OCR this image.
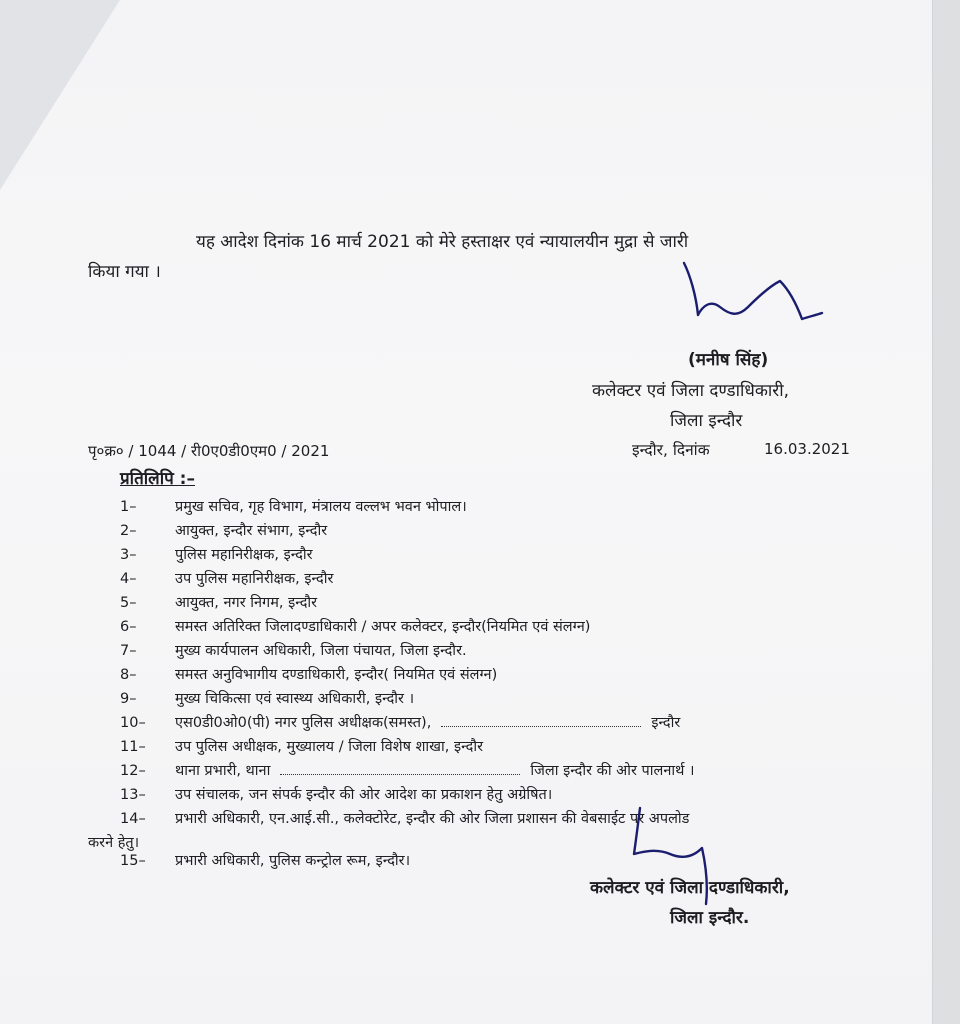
यह आदेश दिनांक 16 मार्च 2021 को मेरे हस्ताक्षर एवं न्यायालयीन मुद्रा से जारी
किया गया ।
(मनीष सिंह)
कलेक्टर एवं जिला दण्डाधिकारी,
जिला इन्दौर
पृ०क्र० / 1044 / री0ए0डी0एम0 / 2021	इन्दौर, दिनांक	16.03.2021
प्रतिलिपि :–
1–	प्रमुख सचिव, गृह विभाग, मंत्रालय वल्लभ भवन भोपाल।
2–	आयुक्त, इन्दौर संभाग, इन्दौर
3–	पुलिस महानिरीक्षक, इन्दौर
4–	उप पुलिस महानिरीक्षक, इन्दौर
5–	आयुक्त, नगर निगम, इन्दौर
6–	समस्त अतिरिक्त जिलादण्डाधिकारी / अपर कलेक्टर, इन्दौर(नियमित एवं संलग्न)
7–	मुख्य कार्यपालन अधिकारी, जिला पंचायत, जिला इन्दौर.
8–	समस्त अनुविभागीय दण्डाधिकारी, इन्दौर( नियमित एवं संलग्न)
9–	मुख्य चिकित्सा एवं स्वास्थ्य अधिकारी, इन्दौर ।
10– एस0डी0ओ0(पी) नगर पुलिस अधीक्षक(समस्त),	इन्दौर
11– उप पुलिस अधीक्षक, मुख्यालय / जिला विशेष शाखा, इन्दौर
12– थाना प्रभारी, थाना	जिला इन्दौर की ओर पालनार्थ ।
13– उप संचालक, जन संपर्क इन्दौर की ओर आदेश का प्रकाशन हेतु अग्रेषित।
14– प्रभारी अधिकारी, एन.आई.सी., कलेक्टोरेट, इन्दौर की ओर जिला प्रशासन की वेबसाईट पर अपलोड
करने हेतु।
15– प्रभारी अधिकारी, पुलिस कन्ट्रोल रूम, इन्दौर।
कलेक्टर एवं जिला दण्डाधिकारी,
जिला इन्दौर.
